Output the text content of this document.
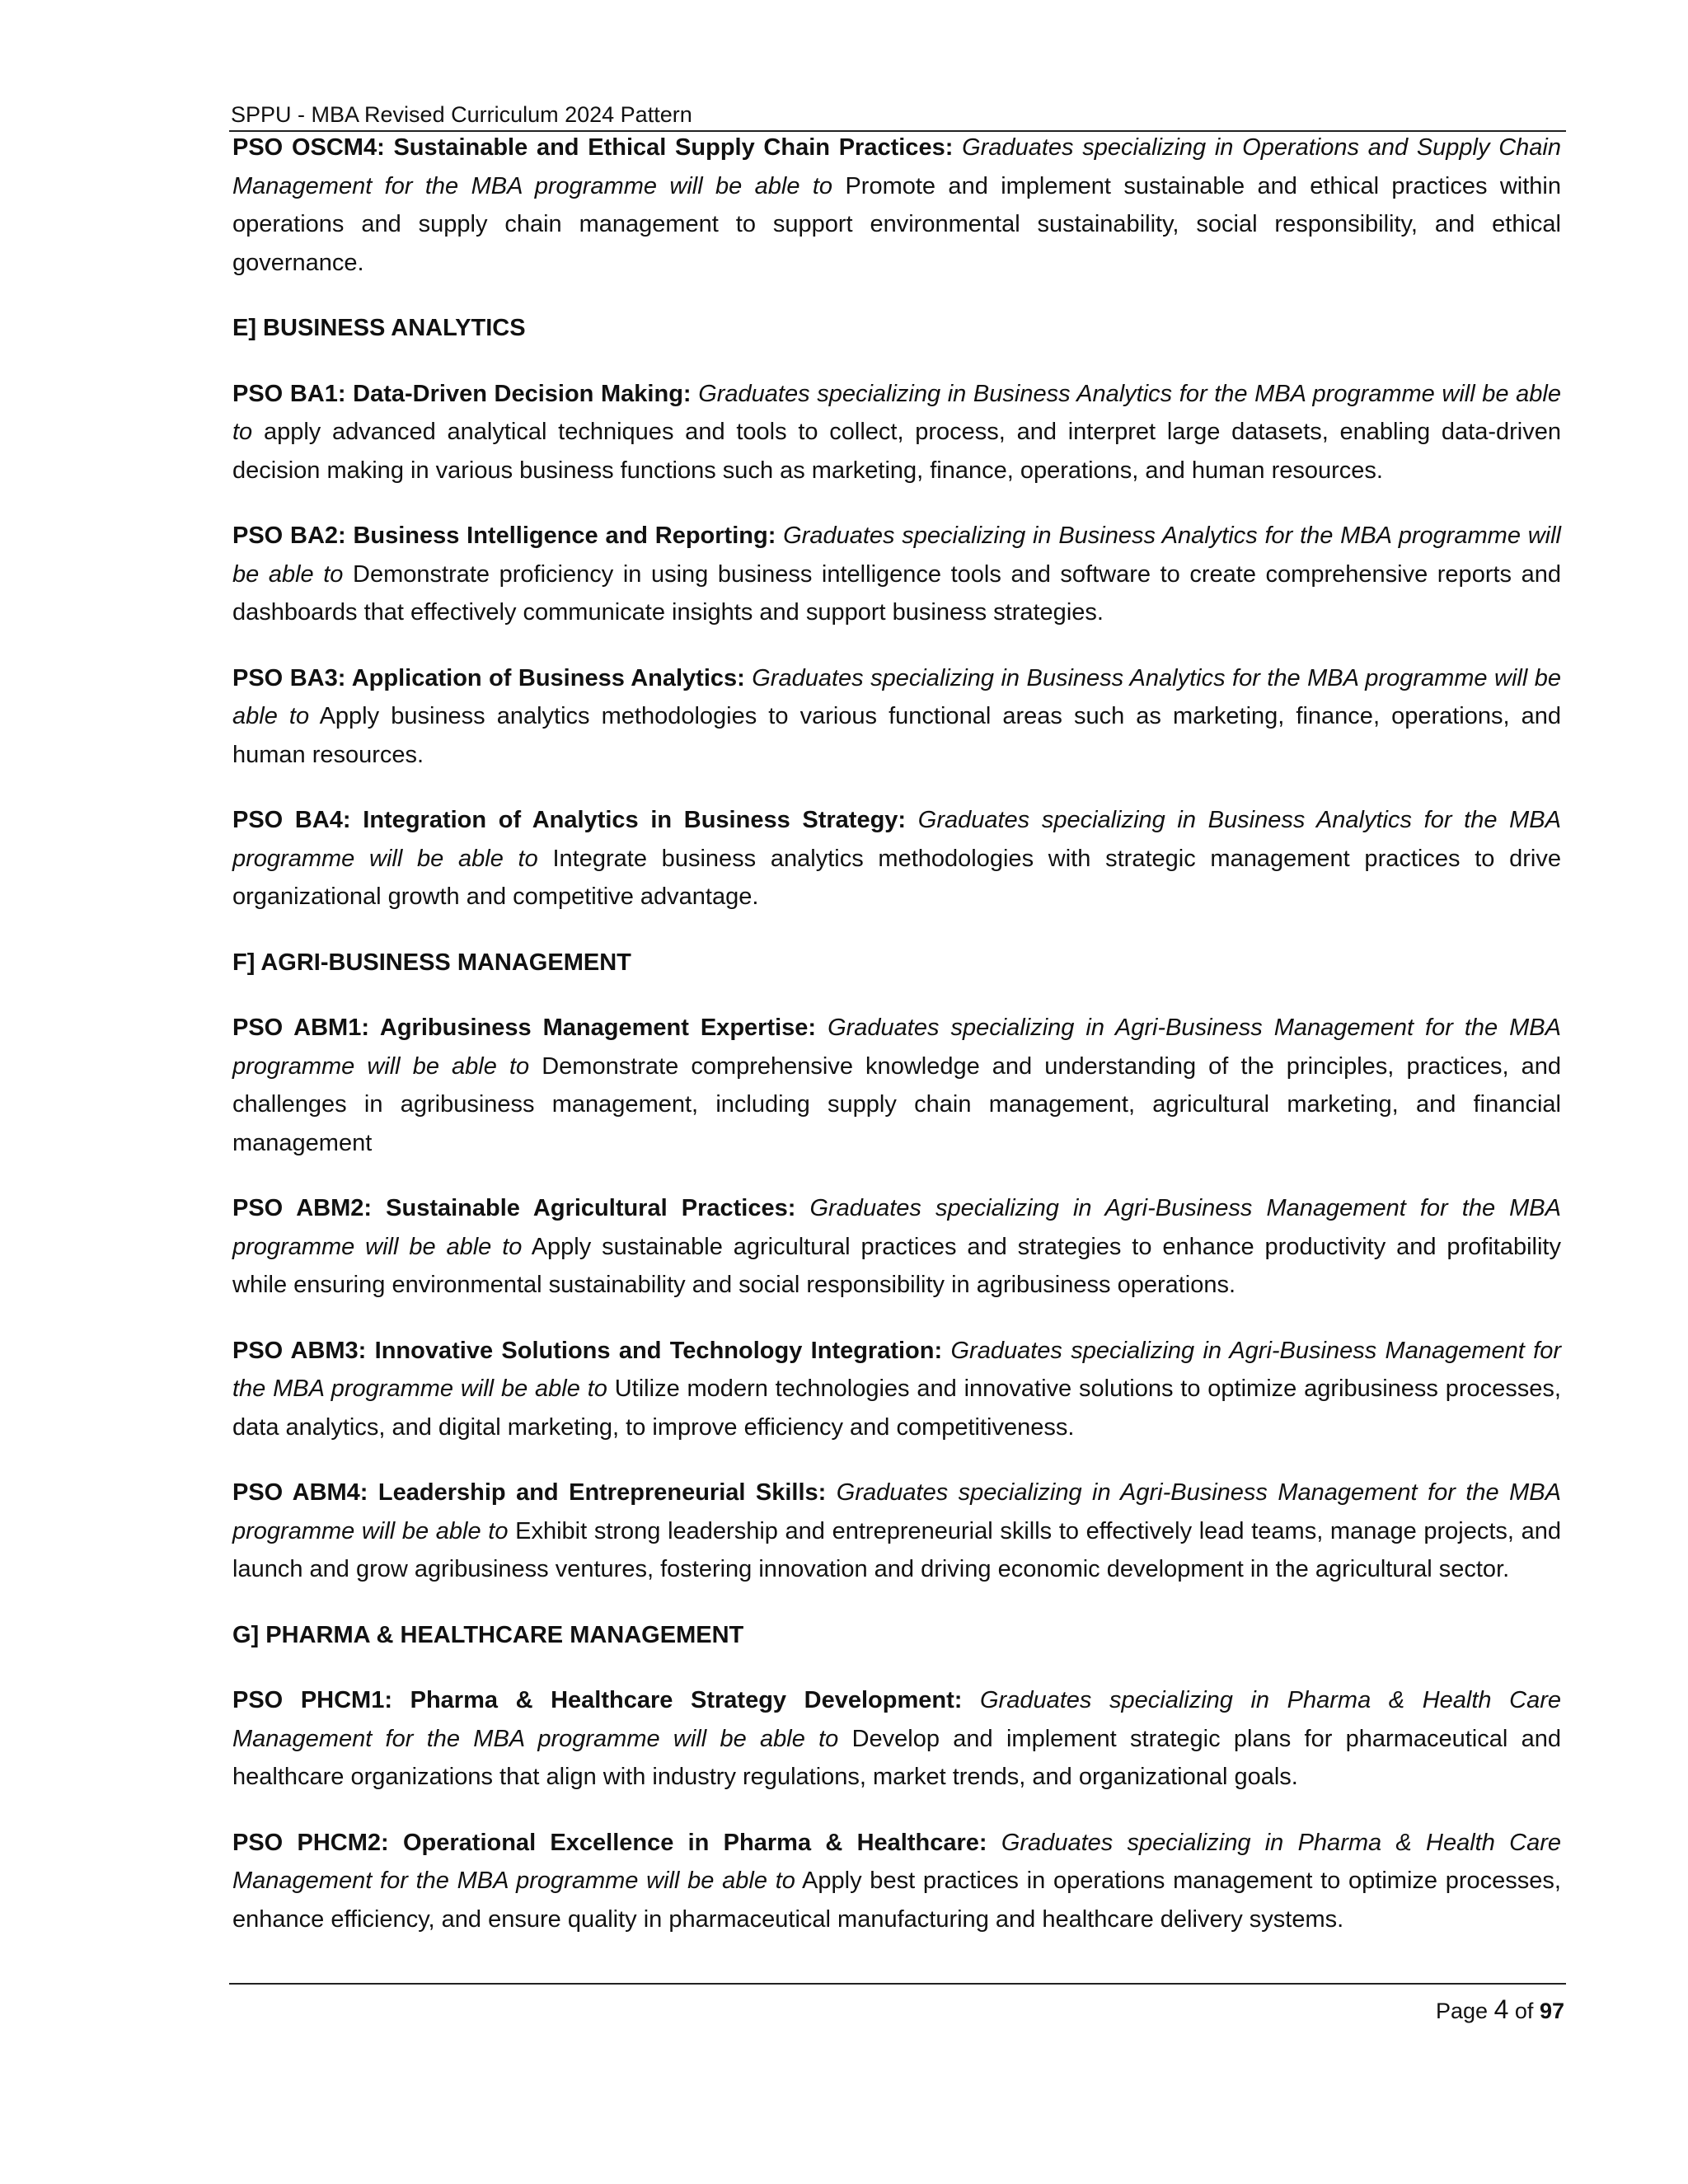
SPPU - MBA Revised Curriculum 2024 Pattern

PSO OSCM4: Sustainable and Ethical Supply Chain Practices: Graduates specializing in Operations and Supply Chain Management for the MBA programme will be able to Promote and implement sustainable and ethical practices within operations and supply chain management to support environmental sustainability, social responsibility, and ethical governance.

E] BUSINESS ANALYTICS

PSO BA1: Data-Driven Decision Making: Graduates specializing in Business Analytics for the MBA programme will be able to apply advanced analytical techniques and tools to collect, process, and interpret large datasets, enabling data-driven decision making in various business functions such as marketing, finance, operations, and human resources.

PSO BA2: Business Intelligence and Reporting: Graduates specializing in Business Analytics for the MBA programme will be able to Demonstrate proficiency in using business intelligence tools and software to create comprehensive reports and dashboards that effectively communicate insights and support business strategies.

PSO BA3: Application of Business Analytics: Graduates specializing in Business Analytics for the MBA programme will be able to Apply business analytics methodologies to various functional areas such as marketing, finance, operations, and human resources.

PSO BA4: Integration of Analytics in Business Strategy: Graduates specializing in Business Analytics for the MBA programme will be able to Integrate business analytics methodologies with strategic management practices to drive organizational growth and competitive advantage.

F] AGRI-BUSINESS MANAGEMENT

PSO ABM1: Agribusiness Management Expertise: Graduates specializing in Agri-Business Management for the MBA programme will be able to Demonstrate comprehensive knowledge and understanding of the principles, practices, and challenges in agribusiness management, including supply chain management, agricultural marketing, and financial management

PSO ABM2: Sustainable Agricultural Practices: Graduates specializing in Agri-Business Management for the MBA programme will be able to Apply sustainable agricultural practices and strategies to enhance productivity and profitability while ensuring environmental sustainability and social responsibility in agribusiness operations.

PSO ABM3: Innovative Solutions and Technology Integration: Graduates specializing in Agri-Business Management for the MBA programme will be able to Utilize modern technologies and innovative solutions to optimize agribusiness processes, data analytics, and digital marketing, to improve efficiency and competitiveness.

PSO ABM4: Leadership and Entrepreneurial Skills: Graduates specializing in Agri-Business Management for the MBA programme will be able to Exhibit strong leadership and entrepreneurial skills to effectively lead teams, manage projects, and launch and grow agribusiness ventures, fostering innovation and driving economic development in the agricultural sector.

G] PHARMA & HEALTHCARE MANAGEMENT

PSO PHCM1: Pharma & Healthcare Strategy Development: Graduates specializing in Pharma & Health Care Management for the MBA programme will be able to Develop and implement strategic plans for pharmaceutical and healthcare organizations that align with industry regulations, market trends, and organizational goals.

PSO PHCM2: Operational Excellence in Pharma & Healthcare: Graduates specializing in Pharma & Health Care Management for the MBA programme will be able to Apply best practices in operations management to optimize processes, enhance efficiency, and ensure quality in pharmaceutical manufacturing and healthcare delivery systems.

Page 4 of 97
